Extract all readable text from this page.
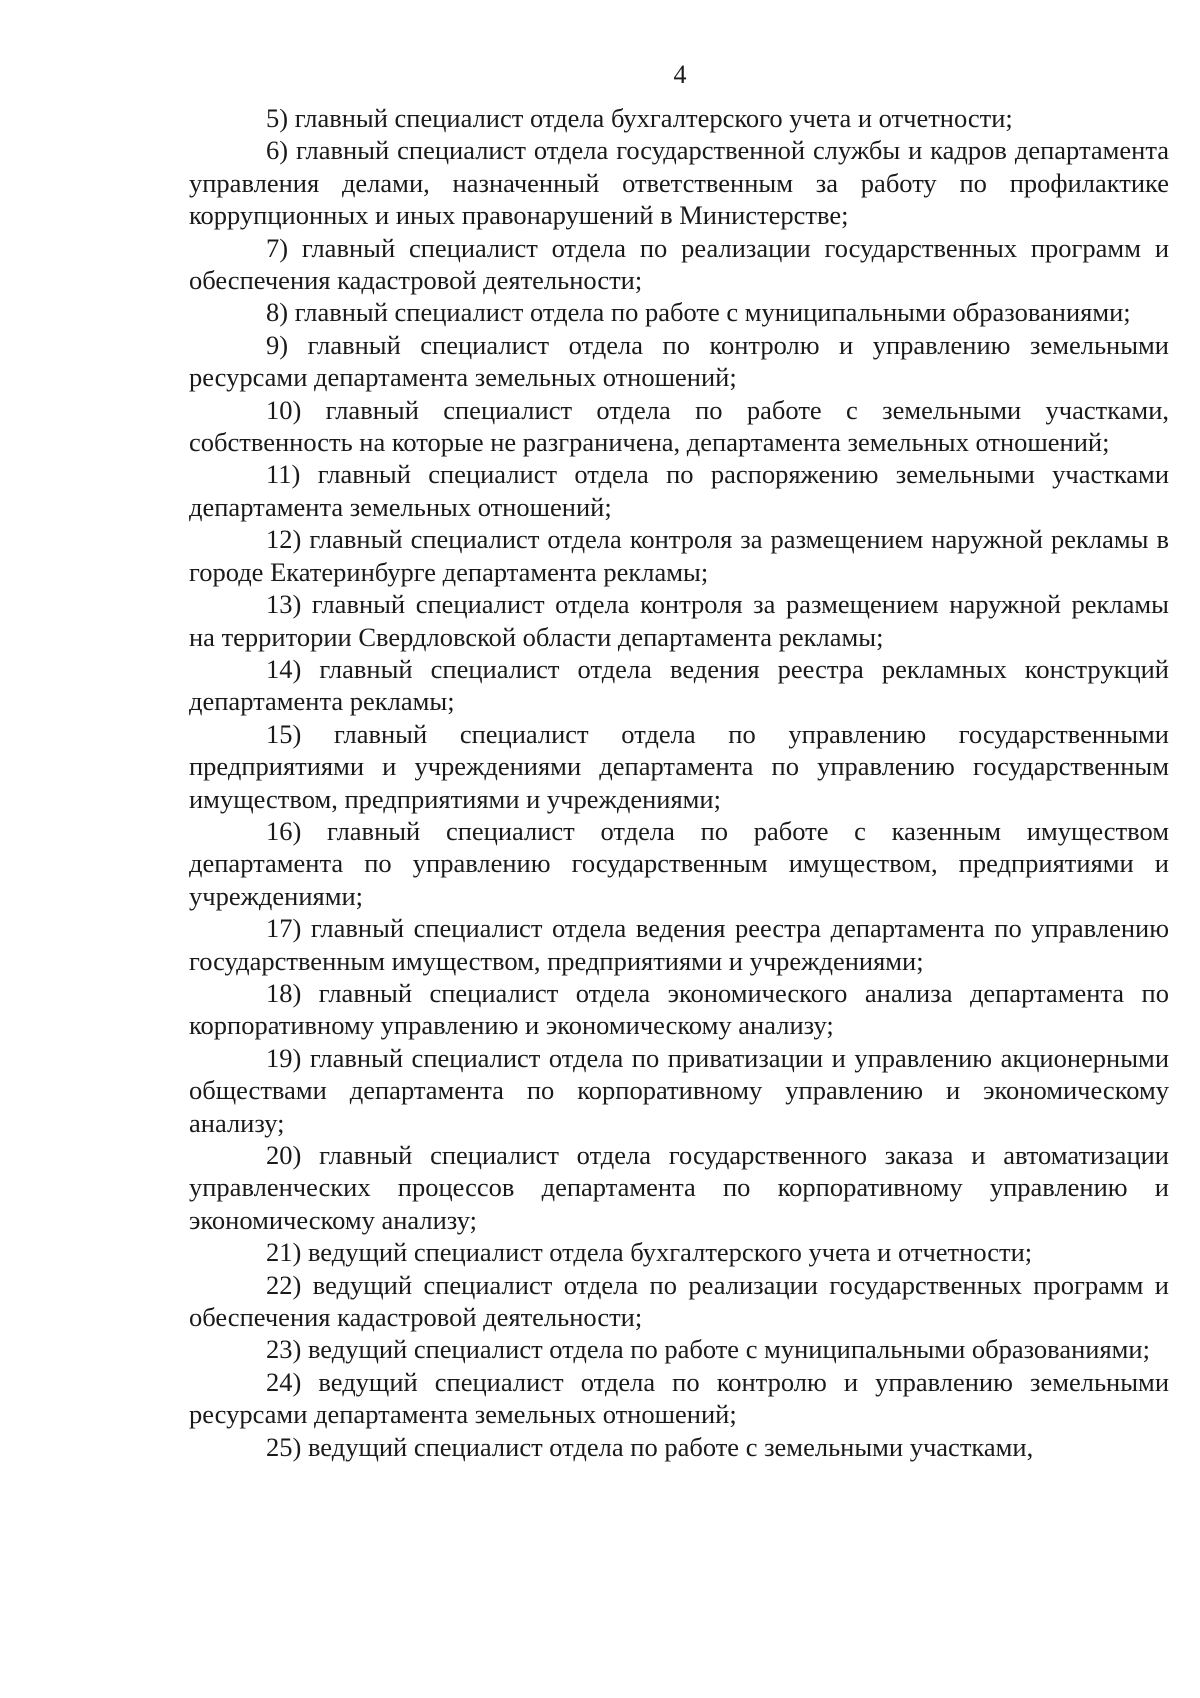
4

5) главный специалист отдела бухгалтерского учета и отчетности;

6) главный специалист отдела государственной службы и кадров департамента управления делами, назначенный ответственным за работу по профилактике коррупционных и иных правонарушений в Министерстве;

7) главный специалист отдела по реализации государственных программ и обеспечения кадастровой деятельности;

8) главный специалист отдела по работе с муниципальными образованиями;

9) главный специалист отдела по контролю и управлению земельными ресурсами департамента земельных отношений;

10) главный специалист отдела по работе с земельными участками, собственность на которые не разграничена, департамента земельных отношений;

11) главный специалист отдела по распоряжению земельными участками департамента земельных отношений;

12) главный специалист отдела контроля за размещением наружной рекламы в городе Екатеринбурге департамента рекламы;

13) главный специалист отдела контроля за размещением наружной рекламы на территории Свердловской области департамента рекламы;

14) главный специалист отдела ведения реестра рекламных конструкций департамента рекламы;

15) главный специалист отдела по управлению государственными предприятиями и учреждениями департамента по управлению государственным имуществом, предприятиями и учреждениями;

16) главный специалист отдела по работе с казенным имуществом департамента по управлению государственным имуществом, предприятиями и учреждениями;

17) главный специалист отдела ведения реестра департамента по управлению государственным имуществом, предприятиями и учреждениями;

18) главный специалист отдела экономического анализа департамента по корпоративному управлению и экономическому анализу;

19) главный специалист отдела по приватизации и управлению акционерными обществами департамента по корпоративному управлению и экономическому анализу;

20) главный специалист отдела государственного заказа и автоматизации управленческих процессов департамента по корпоративному управлению и экономическому анализу;

21) ведущий специалист отдела бухгалтерского учета и отчетности;

22) ведущий специалист отдела по реализации государственных программ и обеспечения кадастровой деятельности;

23) ведущий специалист отдела по работе с муниципальными образованиями;

24) ведущий специалист отдела по контролю и управлению земельными ресурсами департамента земельных отношений;

25) ведущий специалист отдела по работе с земельными участками,
